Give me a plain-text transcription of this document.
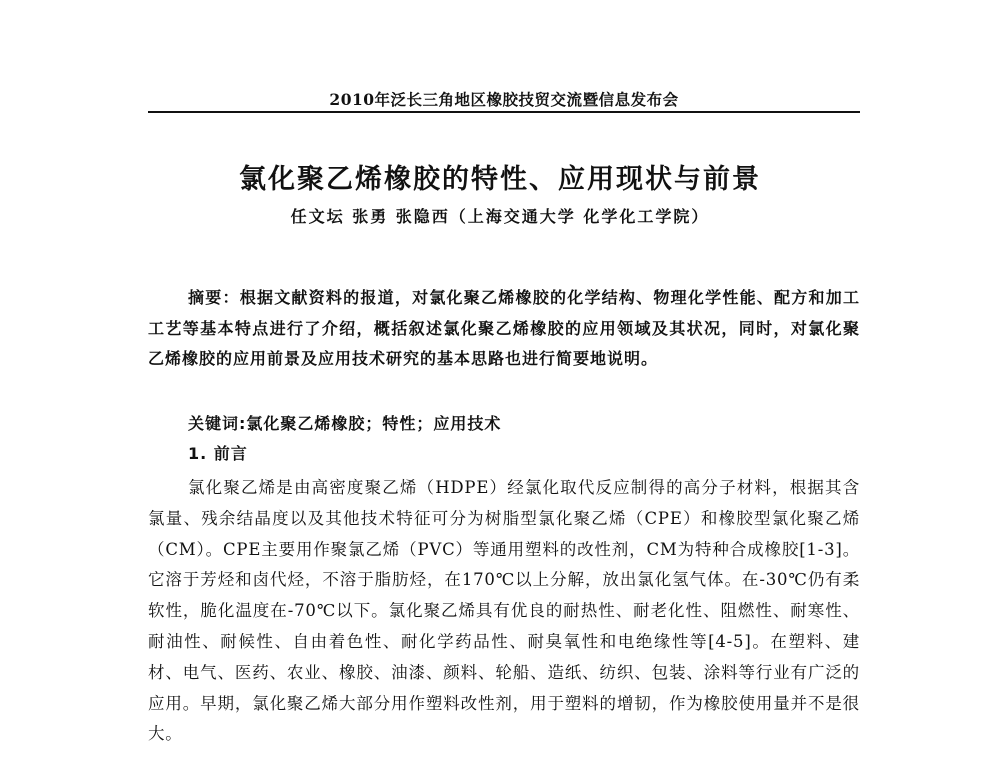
2010年泛长三角地区橡胶技贸交流暨信息发布会
氯化聚乙烯橡胶的特性、应用现状与前景
任文坛 张勇 张隐西（上海交通大学 化学化工学院）
摘要：根据文献资料的报道，对氯化聚乙烯橡胶的化学结构、物理化学性能、配方和加工工艺等基本特点进行了介绍，概括叙述氯化聚乙烯橡胶的应用领域及其状况，同时，对氯化聚乙烯橡胶的应用前景及应用技术研究的基本思路也进行简要地说明。
关键词:氯化聚乙烯橡胶；特性；应用技术
1. 前言
氯化聚乙烯是由高密度聚乙烯（HDPE）经氯化取代反应制得的高分子材料，根据其含氯量、残余结晶度以及其他技术特征可分为树脂型氯化聚乙烯（CPE）和橡胶型氯化聚乙烯（CM）。CPE主要用作聚氯乙烯（PVC）等通用塑料的改性剂，CM为特种合成橡胶[1-3]。它溶于芳烃和卤代烃，不溶于脂肪烃，在170℃以上分解，放出氯化氢气体。在-30℃仍有柔软性，脆化温度在-70℃以下。氯化聚乙烯具有优良的耐热性、耐老化性、阻燃性、耐寒性、耐油性、耐候性、自由着色性、耐化学药品性、耐臭氧性和电绝缘性等[4-5]。在塑料、建材、电气、医药、农业、橡胶、油漆、颜料、轮船、造纸、纺织、包装、涂料等行业有广泛的应用。早期，氯化聚乙烯大部分用作塑料改性剂，用于塑料的增韧，作为橡胶使用量并不是很大。
